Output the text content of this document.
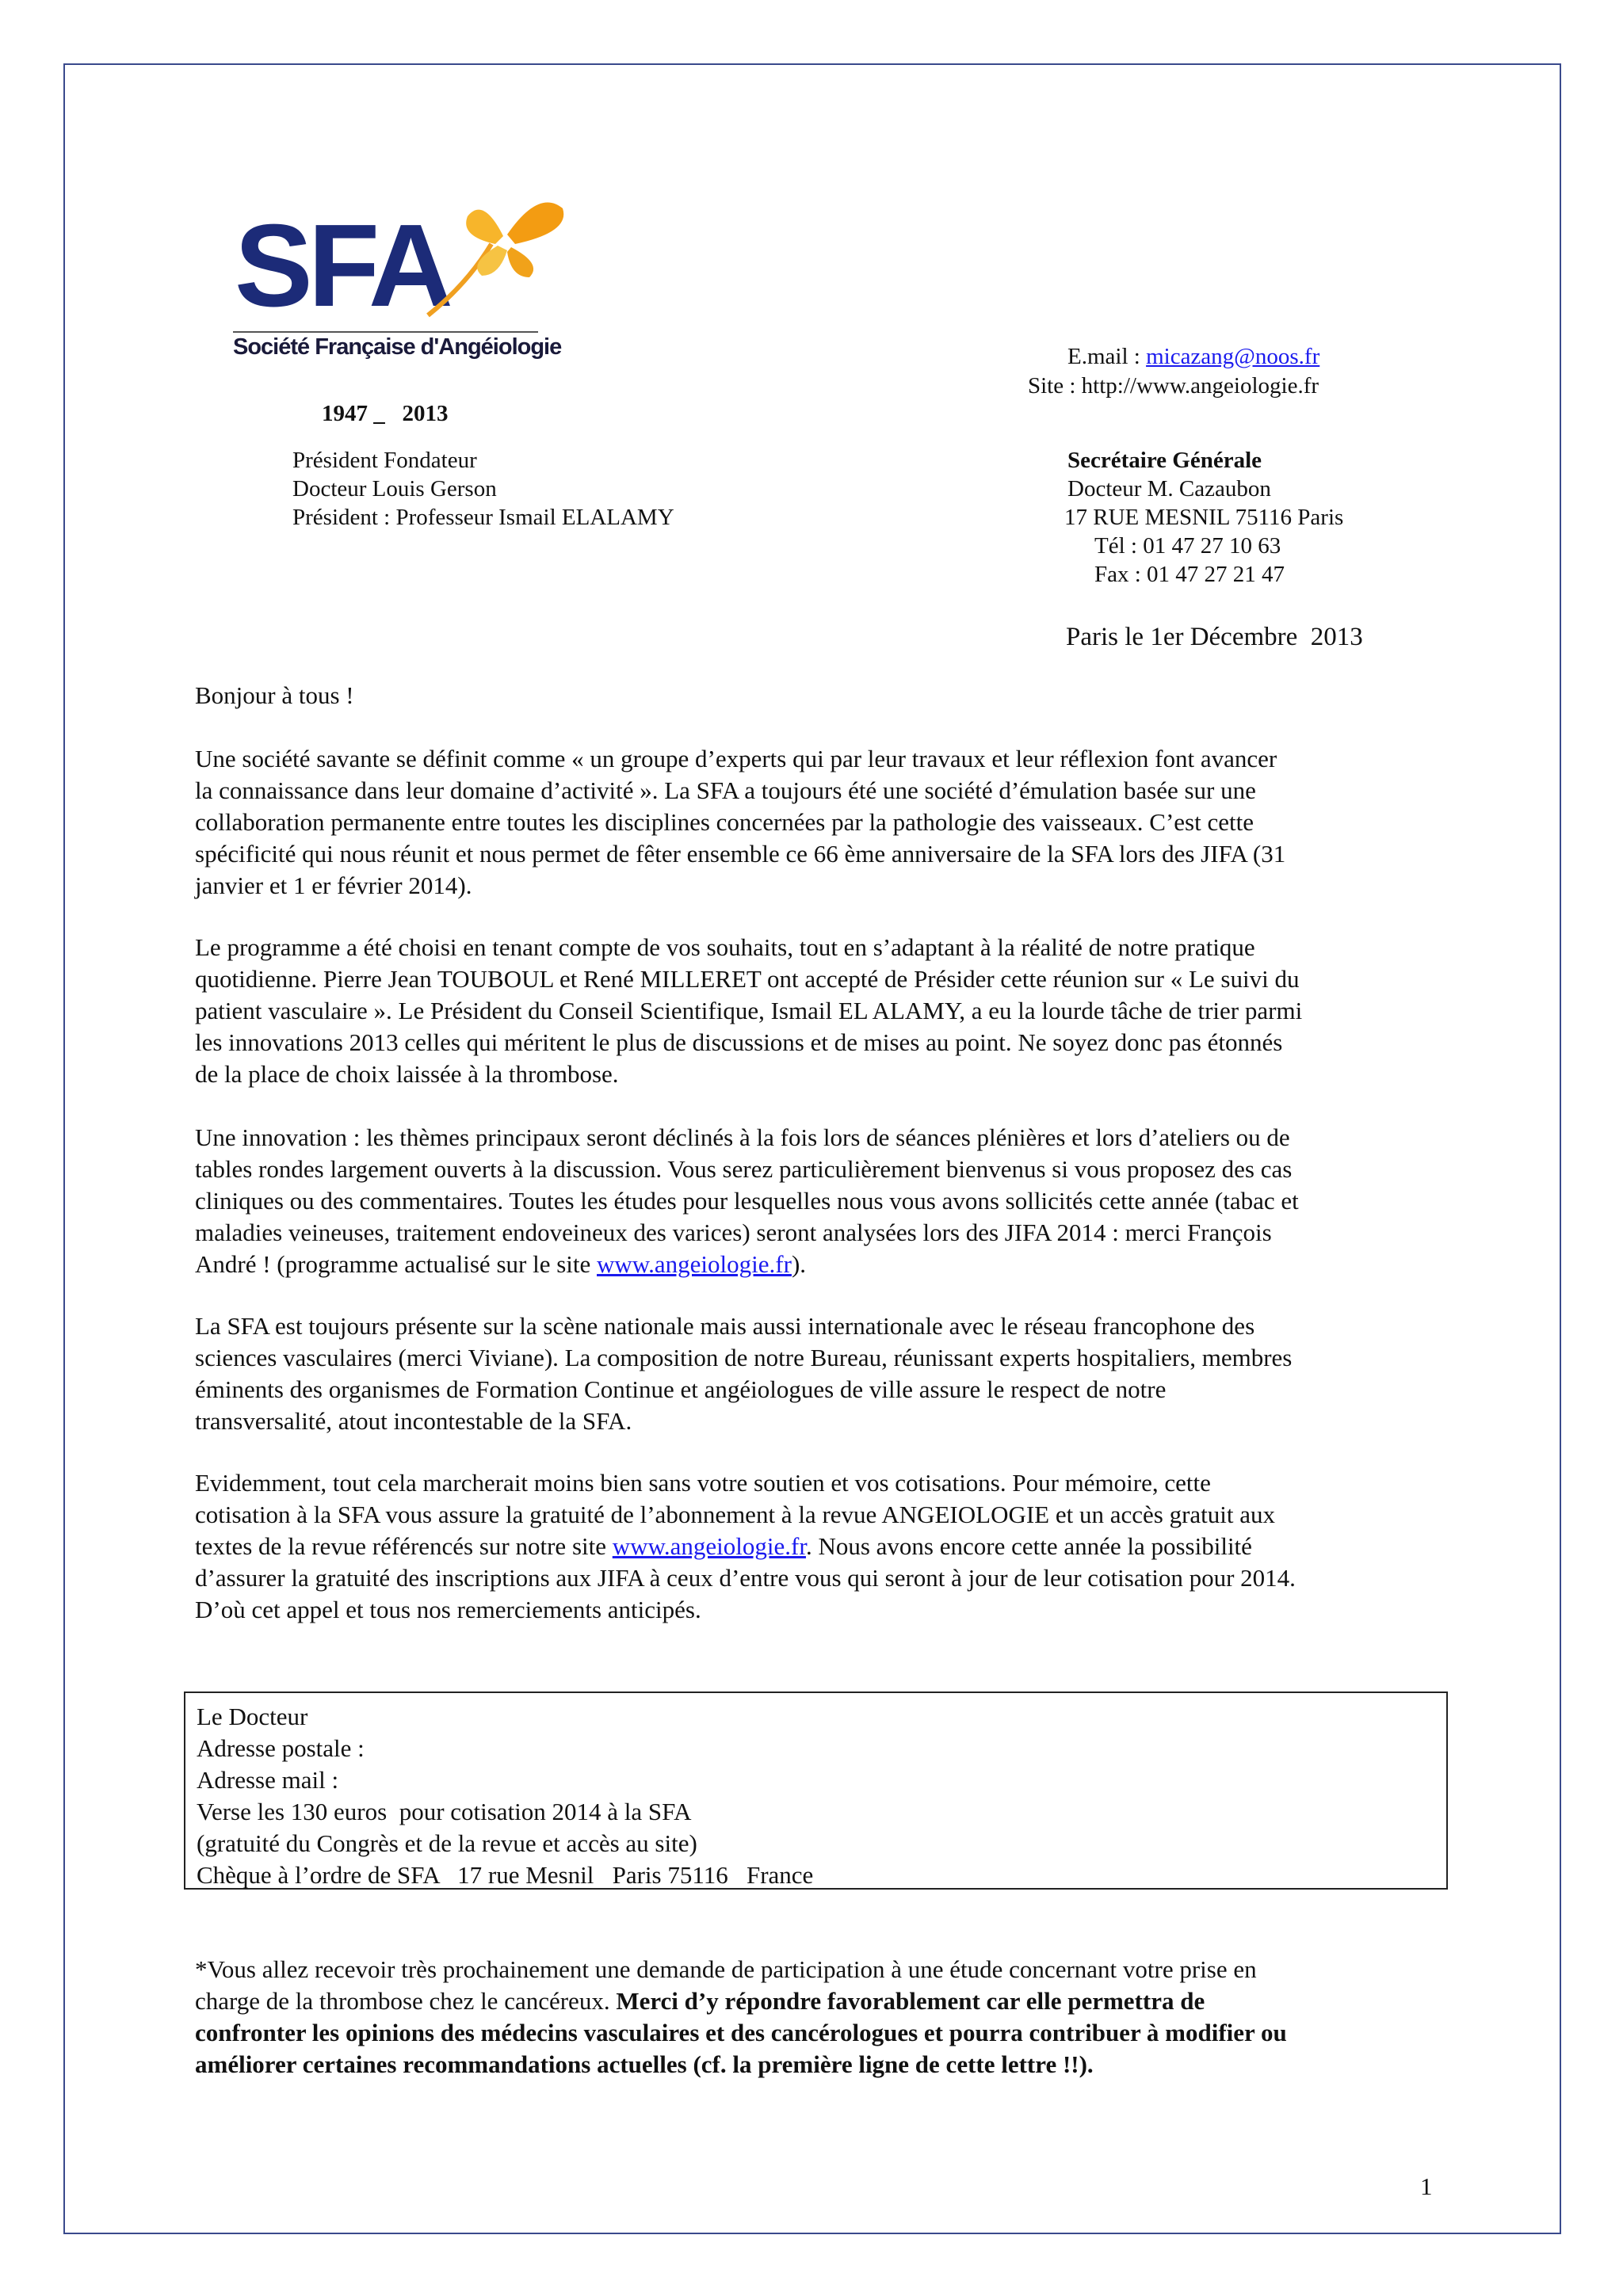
SFA
Société Française d'Angéiologie	E.mail : micazang@noos.fr
Site : http://www.angeiologie.fr
1947 _   2013
Président Fondateur
Docteur Louis Gerson
Président : Professeur Ismail ELALAMY
Secrétaire Générale
Docteur M. Cazaubon
17 RUE MESNIL 75116 Paris
Tél : 01 47 27 10 63
Fax : 01 47 27 21 47
Paris le 1er Décembre  2013
Bonjour à tous !
Une société savante se définit comme « un groupe d’experts qui par leur travaux et leur réflexion font avancer
la connaissance dans leur domaine d’activité ». La SFA a toujours été une société d’émulation basée sur une
collaboration permanente entre toutes les disciplines concernées par la pathologie des vaisseaux. C’est cette
spécificité qui nous réunit et nous permet de fêter ensemble ce 66 ème anniversaire de la SFA lors des JIFA (31
janvier et 1 er février 2014).
Le programme a été choisi en tenant compte de vos souhaits, tout en s’adaptant à la réalité de notre pratique
quotidienne. Pierre Jean TOUBOUL et René MILLERET ont accepté de Présider cette réunion sur « Le suivi du
patient vasculaire ». Le Président du Conseil Scientifique, Ismail EL ALAMY, a eu la lourde tâche de trier parmi
les innovations 2013 celles qui méritent le plus de discussions et de mises au point. Ne soyez donc pas étonnés
de la place de choix laissée à la thrombose.
Une innovation : les thèmes principaux seront déclinés à la fois lors de séances plénières et lors d’ateliers ou de
tables rondes largement ouverts à la discussion. Vous serez particulièrement bienvenus si vous proposez des cas
cliniques ou des commentaires. Toutes les études pour lesquelles nous vous avons sollicités cette année (tabac et
maladies veineuses, traitement endoveineux des varices) seront analysées lors des JIFA 2014 : merci François
André ! (programme actualisé sur le site www.angeiologie.fr).
La SFA est toujours présente sur la scène nationale mais aussi internationale avec le réseau francophone des
sciences vasculaires (merci Viviane). La composition de notre Bureau, réunissant experts hospitaliers, membres
éminents des organismes de Formation Continue et angéiologues de ville assure le respect de notre
transversalité, atout incontestable de la SFA.
Evidemment, tout cela marcherait moins bien sans votre soutien et vos cotisations. Pour mémoire, cette
cotisation à la SFA vous assure la gratuité de l’abonnement à la revue ANGEIOLOGIE et un accès gratuit aux
textes de la revue référencés sur notre site www.angeiologie.fr. Nous avons encore cette année la possibilité
d’assurer la gratuité des inscriptions aux JIFA à ceux d’entre vous qui seront à jour de leur cotisation pour 2014.
D’où cet appel et tous nos remerciements anticipés.
Le Docteur
Adresse postale :
Adresse mail :
Verse les 130 euros  pour cotisation 2014 à la SFA
(gratuité du Congrès et de la revue et accès au site)
Chèque à l’ordre de SFA   17 rue Mesnil   Paris 75116   France
*Vous allez recevoir très prochainement une demande de participation à une étude concernant votre prise en
charge de la thrombose chez le cancéreux. Merci d’y répondre favorablement car elle permettra de
confronter les opinions des médecins vasculaires et des cancérologues et pourra contribuer à modifier ou
améliorer certaines recommandations actuelles (cf. la première ligne de cette lettre !!).
1
